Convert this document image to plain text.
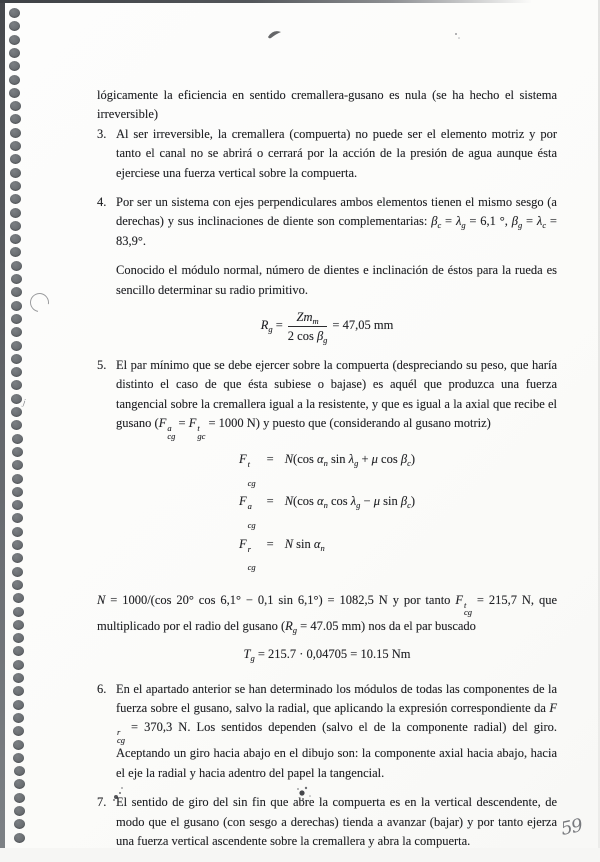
ʲ
59

lógicamente la eficiencia en sentido cremallera-gusano es nula (se ha hecho el sistema irreversible)

3. Al ser irreversible, la cremallera (compuerta) no puede ser el elemento motriz y por tanto el canal no se abrirá o cerrará por la acción de la presión de agua aunque ésta ejerciese una fuerza vertical sobre la compuerta.

4. Por ser un sistema con ejes perpendiculares ambos elementos tienen el mismo sesgo (a derechas) y sus inclinaciones de diente son complementarias: $\beta_c = \lambda_g = 6,1$ °, $\beta_g = \lambda_c = 83,9^\circ$.

Conocido el módulo normal, número de dientes e inclinación de éstos para la rueda es sencillo determinar su radio primitivo.

$R_g = \frac{Zm_m}{2 \cos \beta_g} = 47,05$ mm
5. El par mínimo que se debe ejercer sobre la compuerta (despreciando su peso, que haría distinto el caso de que ésta subiese o bajase) es aquél que produzca una fuerza tangencial sobre la cremallera igual a la resistente, y que es igual a la axial que recibe el gusano (F a
cg
= F t
gc
= 1000 N) y puesto que (considerando al gusano motriz)

F t
cg
= N(cos $\alpha_n$ $\sin \lambda_g + \mu$ $\cos \beta_c$)
F a
cg
= N(cos $\alpha_n$ $\cos \lambda_g - \mu$ $\sin \beta_c$)
F r
cg
= N $\sin \alpha_n$

N = 1000/(cos 20° cos 6,1° − 0,1 sin 6,1°) = 1082,5 N y por tanto F t
cg
= 215,7 N, que multiplicado por el radio del gusano ($R_g = 47.05$ mm) nos da el par buscado

$T_g = 215.7 \cdot 0,04705 = 10.15$ Nm
6. En el apartado anterior se han determinado los módulos de todas las componentes de la fuerza sobre el gusano, salvo la radial, que aplicando la expresión correspondiente da F
r
cg
= 370,3 N. Los sentidos dependen (salvo el de la componente radial) del giro. Aceptando un giro hacia abajo en el dibujo son: la componente axial hacia abajo, hacia el eje la radial y hacia adentro del papel la tangencial.

7. El sentido de giro del sin fin que abre la compuerta es en la vertical descendente, de modo que el gusano (con sesgo a derechas) tienda a avanzar (bajar) y por tanto ejerza una fuerza vertical ascendente sobre la cremallera y abra la compuerta.
